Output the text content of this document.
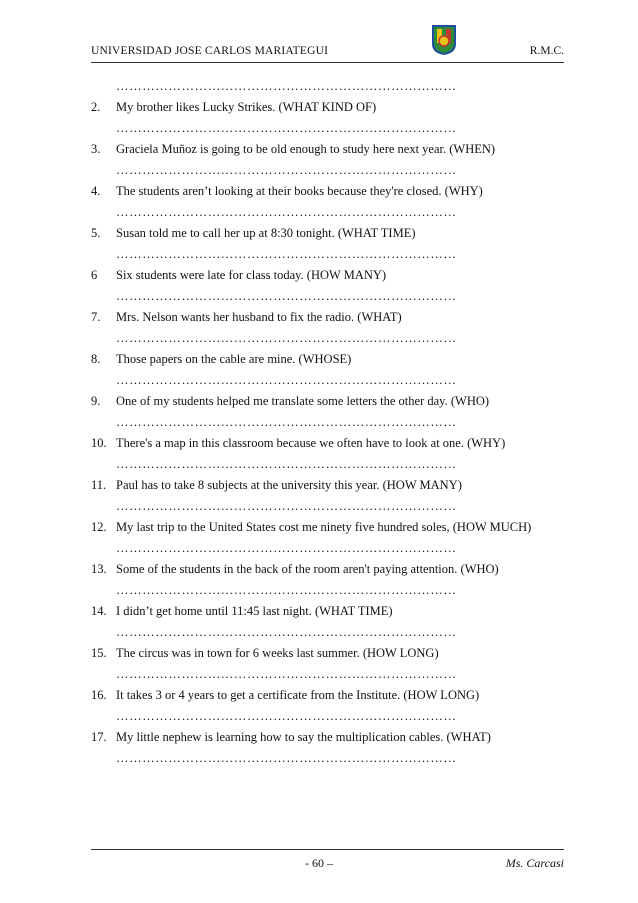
UNIVERSIDAD JOSE CARLOS MARIATEGUI	R.M.C.
……………………………………………………………………
2. My brother likes Lucky Strikes. (WHAT KIND OF)
……………………………………………………………………
3. Graciela Muñoz is going to be old enough to study here next year. (WHEN)
……………………………………………………………………
4. The students aren’t looking at their books because they're closed. (WHY)
……………………………………………………………………
5. Susan told me to call her up at 8:30 tonight. (WHAT TIME)
……………………………………………………………………
6 Six students were late for class today. (HOW MANY)
……………………………………………………………………
7. Mrs. Nelson wants her husband to fix the radio. (WHAT)
……………………………………………………………………
8. Those papers on the cable are mine. (WHOSE)
……………………………………………………………………
9. One of my students helped me translate some letters the other day. (WHO)
……………………………………………………………………
10. There's a map in this classroom because we often have to look at one. (WHY)
……………………………………………………………………
11. Paul has to take 8 subjects at the university this year. (HOW MANY)
……………………………………………………………………
12. My last trip to the United States cost me ninety five hundred soles, (HOW MUCH)
……………………………………………………………………
13. Some of the students in the back of the room aren't paying attention. (WHO)
……………………………………………………………………
14. I didn’t get home until 11:45 last night. (WHAT TIME)
……………………………………………………………………
15. The circus was in town for 6 weeks last summer. (HOW LONG)
……………………………………………………………………
16. It takes 3 or 4 years to get a certificate from the Institute. (HOW LONG)
……………………………………………………………………
17. My little nephew is learning how to say the multiplication cables. (WHAT)
……………………………………………………………………
- 60 –	Ms. Carcasi
